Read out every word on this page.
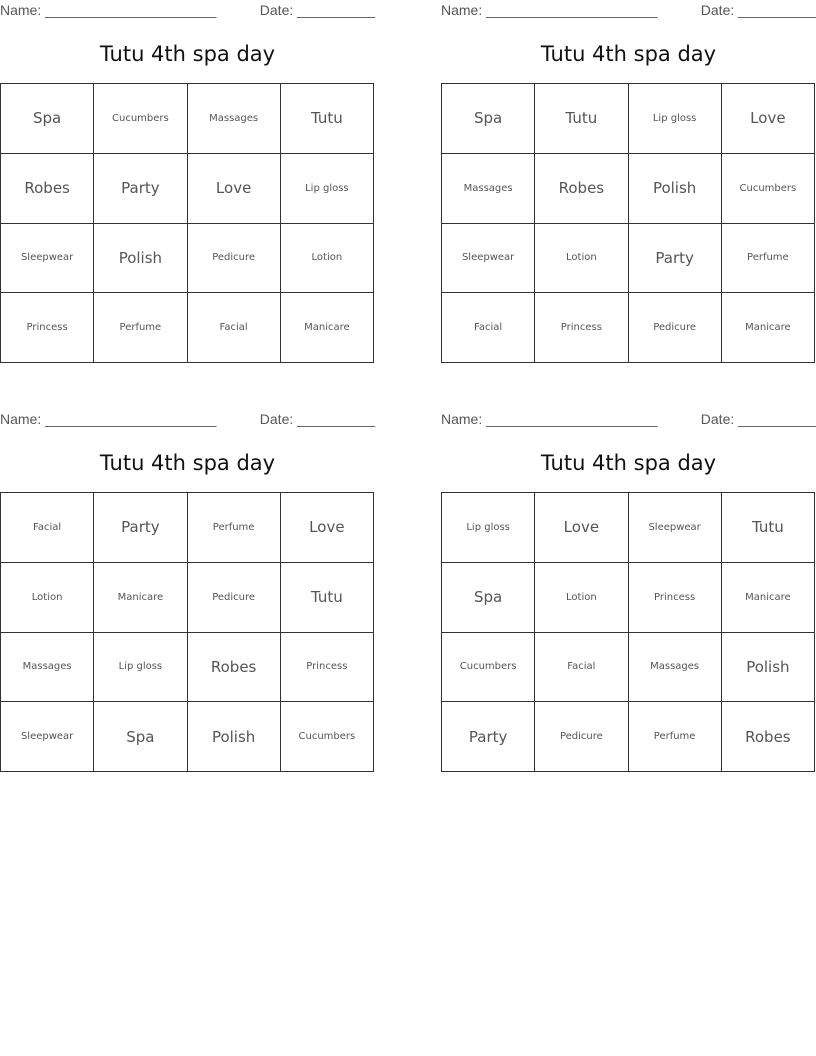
Name: ______________________	Date: __________
Tutu 4th spa day
Spa	Cucumbers	Massages	Tutu
Robes	Party	Love	Lip gloss
Sleepwear	Polish	Pedicure	Lotion
Princess	Perfume	Facial	Manicare
Name: ______________________	Date: __________
Tutu 4th spa day
Spa	Tutu	Lip gloss	Love
Massages	Robes	Polish	Cucumbers
Sleepwear	Lotion	Party	Perfume
Facial	Princess	Pedicure	Manicare
Name: ______________________	Date: __________
Tutu 4th spa day
Facial	Party	Perfume	Love
Lotion	Manicare	Pedicure	Tutu
Massages	Lip gloss	Robes	Princess
Sleepwear	Spa	Polish	Cucumbers
Name: ______________________	Date: __________
Tutu 4th spa day
Lip gloss	Love	Sleepwear	Tutu
Spa	Lotion	Princess	Manicare
Cucumbers	Facial	Massages	Polish
Party	Pedicure	Perfume	Robes
